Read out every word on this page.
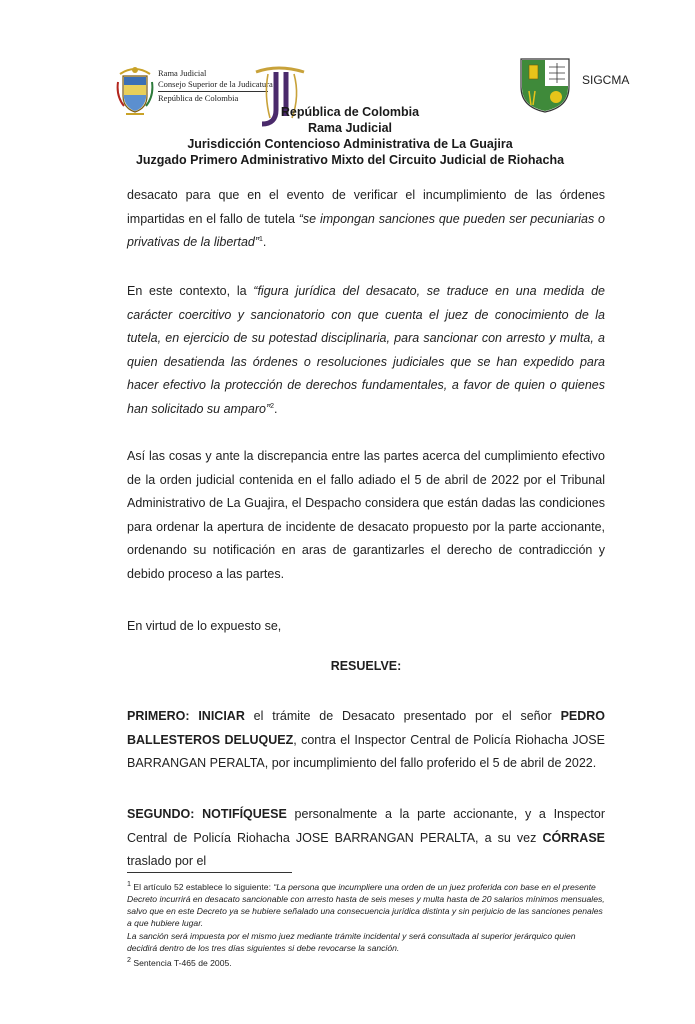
Rama Judicial
Consejo Superior de la Judicatura
República de Colombia
SIGCMA
República de Colombia
Rama Judicial
Jurisdicción Contencioso Administrativa de La Guajira
Juzgado Primero Administrativo Mixto del Circuito Judicial de Riohacha

desacato para que en el evento de verificar el incumplimiento de las órdenes impartidas en el fallo de tutela “se impongan sanciones que pueden ser pecuniarias o privativas de la libertad”$^1$.

En este contexto, la “figura jurídica del desacato, se traduce en una medida de carácter coercitivo y sancionatorio con que cuenta el juez de conocimiento de la tutela, en ejercicio de su potestad disciplinaria, para sancionar con arresto y multa, a quien desatienda las órdenes o resoluciones judiciales que se han expedido para hacer efectivo la protección de derechos fundamentales, a favor de quien o quienes han solicitado su amparo”$^2$.

Así las cosas y ante la discrepancia entre las partes acerca del cumplimiento efectivo de la orden judicial contenida en el fallo adiado el 5 de abril de 2022 por el Tribunal Administrativo de La Guajira, el Despacho considera que están dadas las condiciones para ordenar la apertura de incidente de desacato propuesto por la parte accionante, ordenando su notificación en aras de garantizarles el derecho de contradicción y debido proceso a las partes.

En virtud de lo expuesto se,

RESUELVE:

PRIMERO: INICIAR el trámite de Desacato presentado por el señor PEDRO BALLESTEROS DELUQUEZ, contra el Inspector Central de Policía Riohacha JOSE BARRANGAN PERALTA, por incumplimiento del fallo proferido el 5 de abril de 2022.

SEGUNDO: NOTIFÍQUESE personalmente a la parte accionante, y a Inspector Central de Policía Riohacha JOSE BARRANGAN PERALTA, a su vez CÓRRASE traslado por el

$^1$ El artículo 52 establece lo siguiente: “La persona que incumpliere una orden de un juez proferida con base en el presente Decreto incurrirá en desacato sancionable con arresto hasta de seis meses y multa hasta de 20 salarios mínimos mensuales, salvo que en este Decreto ya se hubiere señalado una consecuencia jurídica distinta y sin perjuicio de las sanciones penales a que hubiere lugar.

La sanción será impuesta por el mismo juez mediante trámite incidental y será consultada al superior jerárquico quien decidirá dentro de los tres días siguientes si debe revocarse la sanción.

$^2$ Sentencia T-465 de 2005.
